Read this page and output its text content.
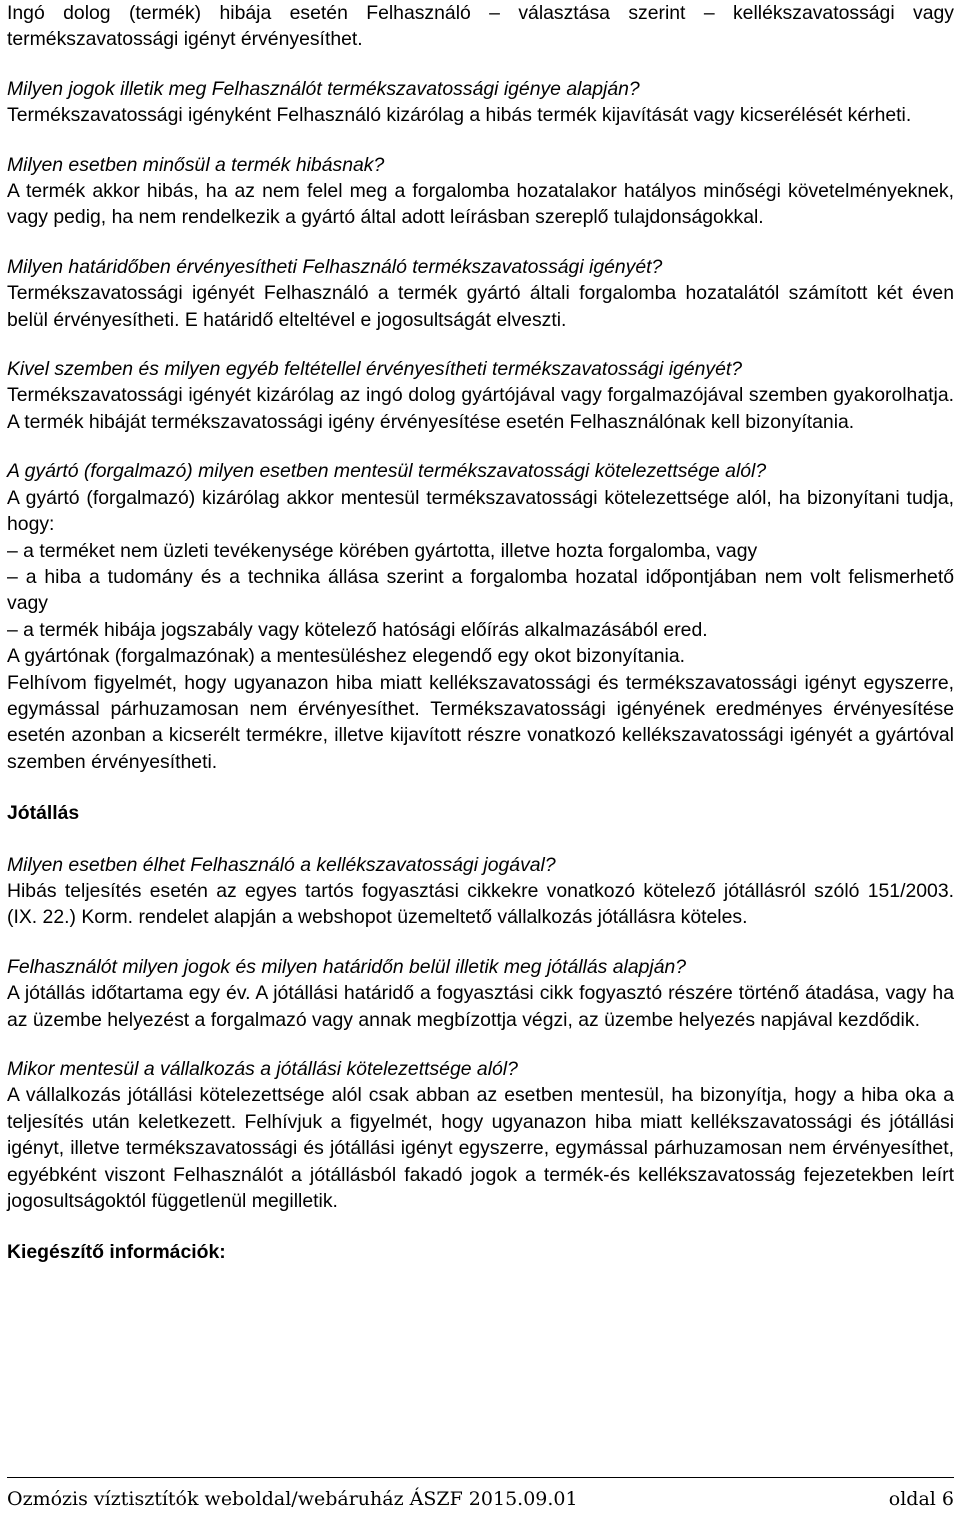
Ingó dolog (termék) hibája esetén Felhasználó – választása szerint – kellékszavatossági vagy termékszavatossági igényt érvényesíthet.

Milyen jogok illetik meg Felhasználót termékszavatossági igénye alapján?

Termékszavatossági igényként Felhasználó kizárólag a hibás termék kijavítását vagy kicserélését kérheti.

Milyen esetben minősül a termék hibásnak?

A termék akkor hibás, ha az nem felel meg a forgalomba hozatalakor hatályos minőségi követelményeknek, vagy pedig, ha nem rendelkezik a gyártó által adott leírásban szereplő tulajdonságokkal.

Milyen határidőben érvényesítheti Felhasználó termékszavatossági igényét?

Termékszavatossági igényét Felhasználó a termék gyártó általi forgalomba hozatalától számított két éven belül érvényesítheti. E határidő elteltével e jogosultságát elveszti.

Kivel szemben és milyen egyéb feltétellel érvényesítheti termékszavatossági igényét?

Termékszavatossági igényét kizárólag az ingó dolog gyártójával vagy forgalmazójával szemben gyakorolhatja. A termék hibáját termékszavatossági igény érvényesítése esetén Felhasználónak kell bizonyítania.

A gyártó (forgalmazó) milyen esetben mentesül termékszavatossági kötelezettsége alól?

A gyártó (forgalmazó) kizárólag akkor mentesül termékszavatossági kötelezettsége alól, ha bizonyítani tudja, hogy:

– a terméket nem üzleti tevékenysége körében gyártotta, illetve hozta forgalomba, vagy

– a hiba a tudomány és a technika állása szerint a forgalomba hozatal időpontjában nem volt felismerhető vagy

– a termék hibája jogszabály vagy kötelező hatósági előírás alkalmazásából ered.

A gyártónak (forgalmazónak) a mentesüléshez elegendő egy okot bizonyítania.

Felhívom figyelmét, hogy ugyanazon hiba miatt kellékszavatossági és termékszavatossági igényt egyszerre, egymással párhuzamosan nem érvényesíthet. Termékszavatossági igényének eredményes érvényesítése esetén azonban a kicserélt termékre, illetve kijavított részre vonatkozó kellékszavatossági igényét a gyártóval szemben érvényesítheti.

Jótállás

Milyen esetben élhet Felhasználó a kellékszavatossági jogával?

Hibás teljesítés esetén az egyes tartós fogyasztási cikkekre vonatkozó kötelező jótállásról szóló 151/2003. (IX. 22.) Korm. rendelet alapján a webshopot üzemeltető vállalkozás jótállásra köteles.

Felhasználót milyen jogok és milyen határidőn belül illetik meg jótállás alapján?

A jótállás időtartama egy év. A jótállási határidő a fogyasztási cikk fogyasztó részére történő átadása, vagy ha az üzembe helyezést a forgalmazó vagy annak megbízottja végzi, az üzembe helyezés napjával kezdődik.

Mikor mentesül a vállalkozás a jótállási kötelezettsége alól?

A vállalkozás jótállási kötelezettsége alól csak abban az esetben mentesül, ha bizonyítja, hogy a hiba oka a teljesítés után keletkezett. Felhívjuk a figyelmét, hogy ugyanazon hiba miatt kellékszavatossági és jótállási igényt, illetve termékszavatossági és jótállási igényt egyszerre, egymással párhuzamosan nem érvényesíthet, egyébként viszont Felhasználót a jótállásból fakadó jogok a termék-és kellékszavatosság fejezetekben leírt jogosultságoktól függetlenül megilletik.

Kiegészítő információk:

Ozmózis víztisztítók weboldal/webáruház ÁSZF 2015.09.01	oldal 6
